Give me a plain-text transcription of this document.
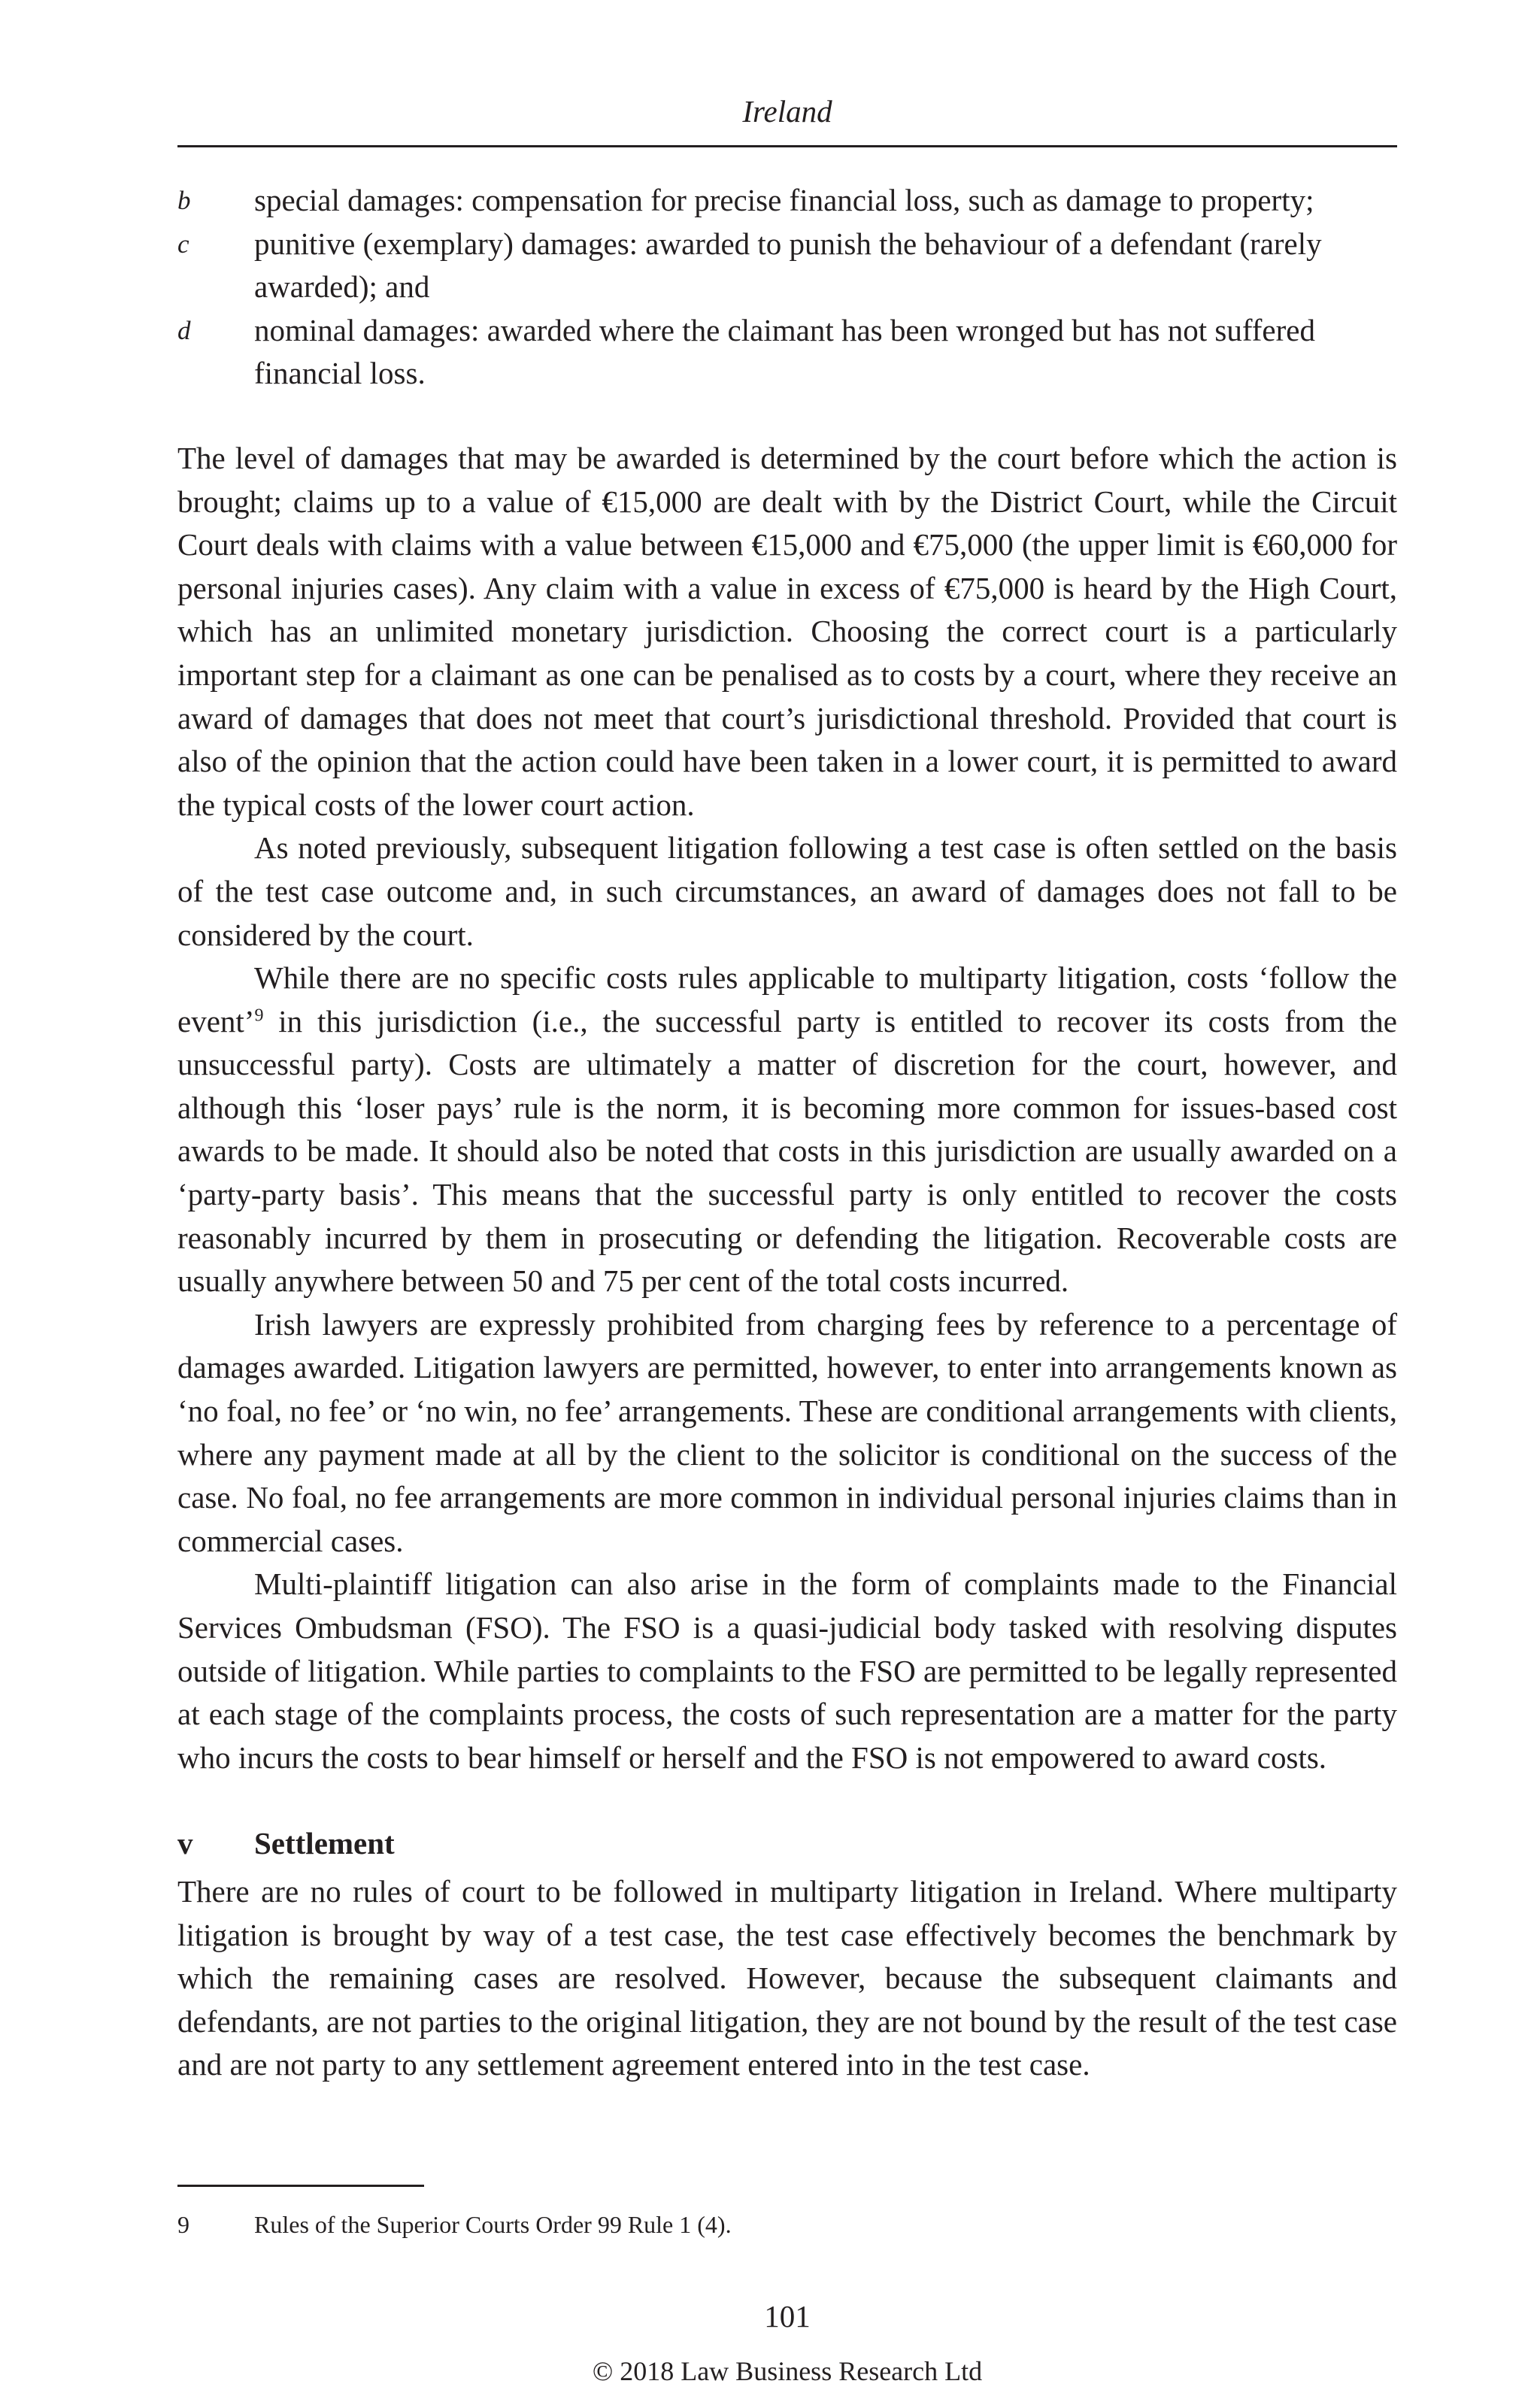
Ireland
b	special damages: compensation for precise financial loss, such as damage to property;
c	punitive (exemplary) damages: awarded to punish the behaviour of a defendant (rarely awarded); and
d	nominal damages: awarded where the claimant has been wronged but has not suffered financial loss.

The level of damages that may be awarded is determined by the court before which the action is brought; claims up to a value of €15,000 are dealt with by the District Court, while the Circuit Court deals with claims with a value between €15,000 and €75,000 (the upper limit is €60,000 for personal injuries cases). Any claim with a value in excess of €75,000 is heard by the High Court, which has an unlimited monetary jurisdiction. Choosing the correct court is a particularly important step for a claimant as one can be penalised as to costs by a court, where they receive an award of damages that does not meet that court’s jurisdictional threshold. Provided that court is also of the opinion that the action could have been taken in a lower court, it is permitted to award the typical costs of the lower court action.

As noted previously, subsequent litigation following a test case is often settled on the basis of the test case outcome and, in such circumstances, an award of damages does not fall to be considered by the court.

While there are no specific costs rules applicable to multiparty litigation, costs ‘follow the event’$^9$ in this jurisdiction (i.e., the successful party is entitled to recover its costs from the unsuccessful party). Costs are ultimately a matter of discretion for the court, however, and although this ‘loser pays’ rule is the norm, it is becoming more common for issues-based cost awards to be made. It should also be noted that costs in this jurisdiction are usually awarded on a ‘party-party basis’. This means that the successful party is only entitled to recover the costs reasonably incurred by them in prosecuting or defending the litigation. Recoverable costs are usually anywhere between 50 and 75 per cent of the total costs incurred.

Irish lawyers are expressly prohibited from charging fees by reference to a percentage of damages awarded. Litigation lawyers are permitted, however, to enter into arrangements known as ‘no foal, no fee’ or ‘no win, no fee’ arrangements. These are conditional arrangements with clients, where any payment made at all by the client to the solicitor is conditional on the success of the case. No foal, no fee arrangements are more common in individual personal injuries claims than in commercial cases.

Multi-plaintiff litigation can also arise in the form of complaints made to the Financial Services Ombudsman (FSO). The FSO is a quasi-judicial body tasked with resolving disputes outside of litigation. While parties to complaints to the FSO are permitted to be legally represented at each stage of the complaints process, the costs of such representation are a matter for the party who incurs the costs to bear himself or herself and the FSO is not empowered to award costs.

v	Settlement

There are no rules of court to be followed in multiparty litigation in Ireland. Where multiparty litigation is brought by way of a test case, the test case effectively becomes the benchmark by which the remaining cases are resolved. However, because the subsequent claimants and defendants, are not parties to the original litigation, they are not bound by the result of the test case and are not party to any settlement agreement entered into in the test case.

9	Rules of the Superior Courts Order 99 Rule 1 (4).
101
© 2018 Law Business Research Ltd
